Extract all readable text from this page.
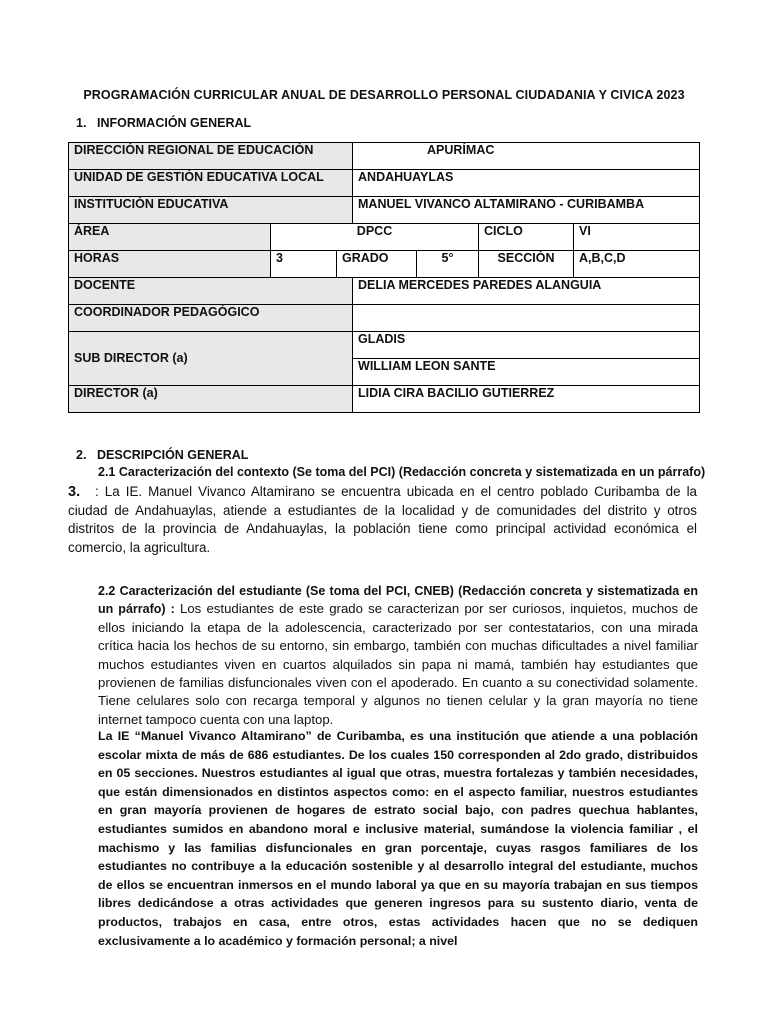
PROGRAMACIÓN CURRICULAR ANUAL DE DESARROLLO PERSONAL CIUDADANIA Y CIVICA 2023
1. INFORMACIÓN GENERAL
DIRECCIÓN REGIONAL DE EDUCACIÓN			APURÍMAC			
UNIDAD DE GESTIÓN EDUCATIVA LOCAL			ANDAHUAYLAS			
INSTITUCIÓN EDUCATIVA			MANUEL VIVANCO ALTAMIRANO - CURIBAMBA			
ÁREA	DPCC				CICLO	VI
HORAS	3	GRADO		5°	SECCIÓN	A,B,C,D
DOCENTE			DELIA MERCEDES PAREDES ALANGUIA			
COORDINADOR PEDAGÓGICO						
SUB DIRECTOR (a)			GLADIS			
			WILLIAM LEON SANTE			
DIRECTOR (a)			LIDIA CIRA BACILIO GUTIERREZ			
2. DESCRIPCIÓN GENERAL
2.1 Caracterización del contexto (Se toma del PCI) (Redacción concreta y sistematizada en un párrafo)
3. : La IE. Manuel Vivanco Altamirano se encuentra ubicada en el centro poblado Curibamba de la ciudad de Andahuaylas, atiende a estudiantes de la localidad y de comunidades del distrito y otros distritos de la provincia de Andahuaylas, la población tiene como principal actividad económica el comercio, la agricultura.
2.2 Caracterización del estudiante (Se toma del PCI, CNEB) (Redacción concreta y sistematizada en un párrafo) : Los estudiantes de este grado se caracterizan por ser curiosos, inquietos, muchos de ellos iniciando la etapa de la adolescencia, caracterizado por ser contestatarios, con una mirada crítica hacia los hechos de su entorno, sin embargo, también con muchas dificultades a nivel familiar muchos estudiantes viven en cuartos alquilados sin papa ni mamá, también hay estudiantes que provienen de familias disfuncionales viven con el apoderado. En cuanto a su conectividad solamente. Tiene celulares solo con recarga temporal y algunos no tienen celular y la gran mayoría no tiene internet tampoco cuenta con una laptop.
La IE “Manuel Vivanco Altamirano” de Curibamba, es una institución que atiende a una población escolar mixta de más de 686 estudiantes. De los cuales 150 corresponden al 2do grado, distribuidos en 05 secciones. Nuestros estudiantes al igual que otras, muestra fortalezas y también necesidades, que están dimensionados en distintos aspectos como: en el aspecto familiar, nuestros estudiantes en gran mayoría provienen de hogares de estrato social bajo, con padres quechua hablantes, estudiantes sumidos en abandono moral e inclusive material, sumándose la violencia familiar , el machismo y las familias disfuncionales en gran porcentaje, cuyas rasgos familiares de los estudiantes no contribuye a la educación sostenible y al desarrollo integral del estudiante, muchos de ellos se encuentran inmersos en el mundo laboral ya que en su mayoría trabajan en sus tiempos libres dedicándose a otras actividades que generen ingresos para su sustento diario, venta de productos, trabajos en casa, entre otros, estas actividades hacen que no se dediquen exclusivamente a lo académico y formación personal; a nivel
